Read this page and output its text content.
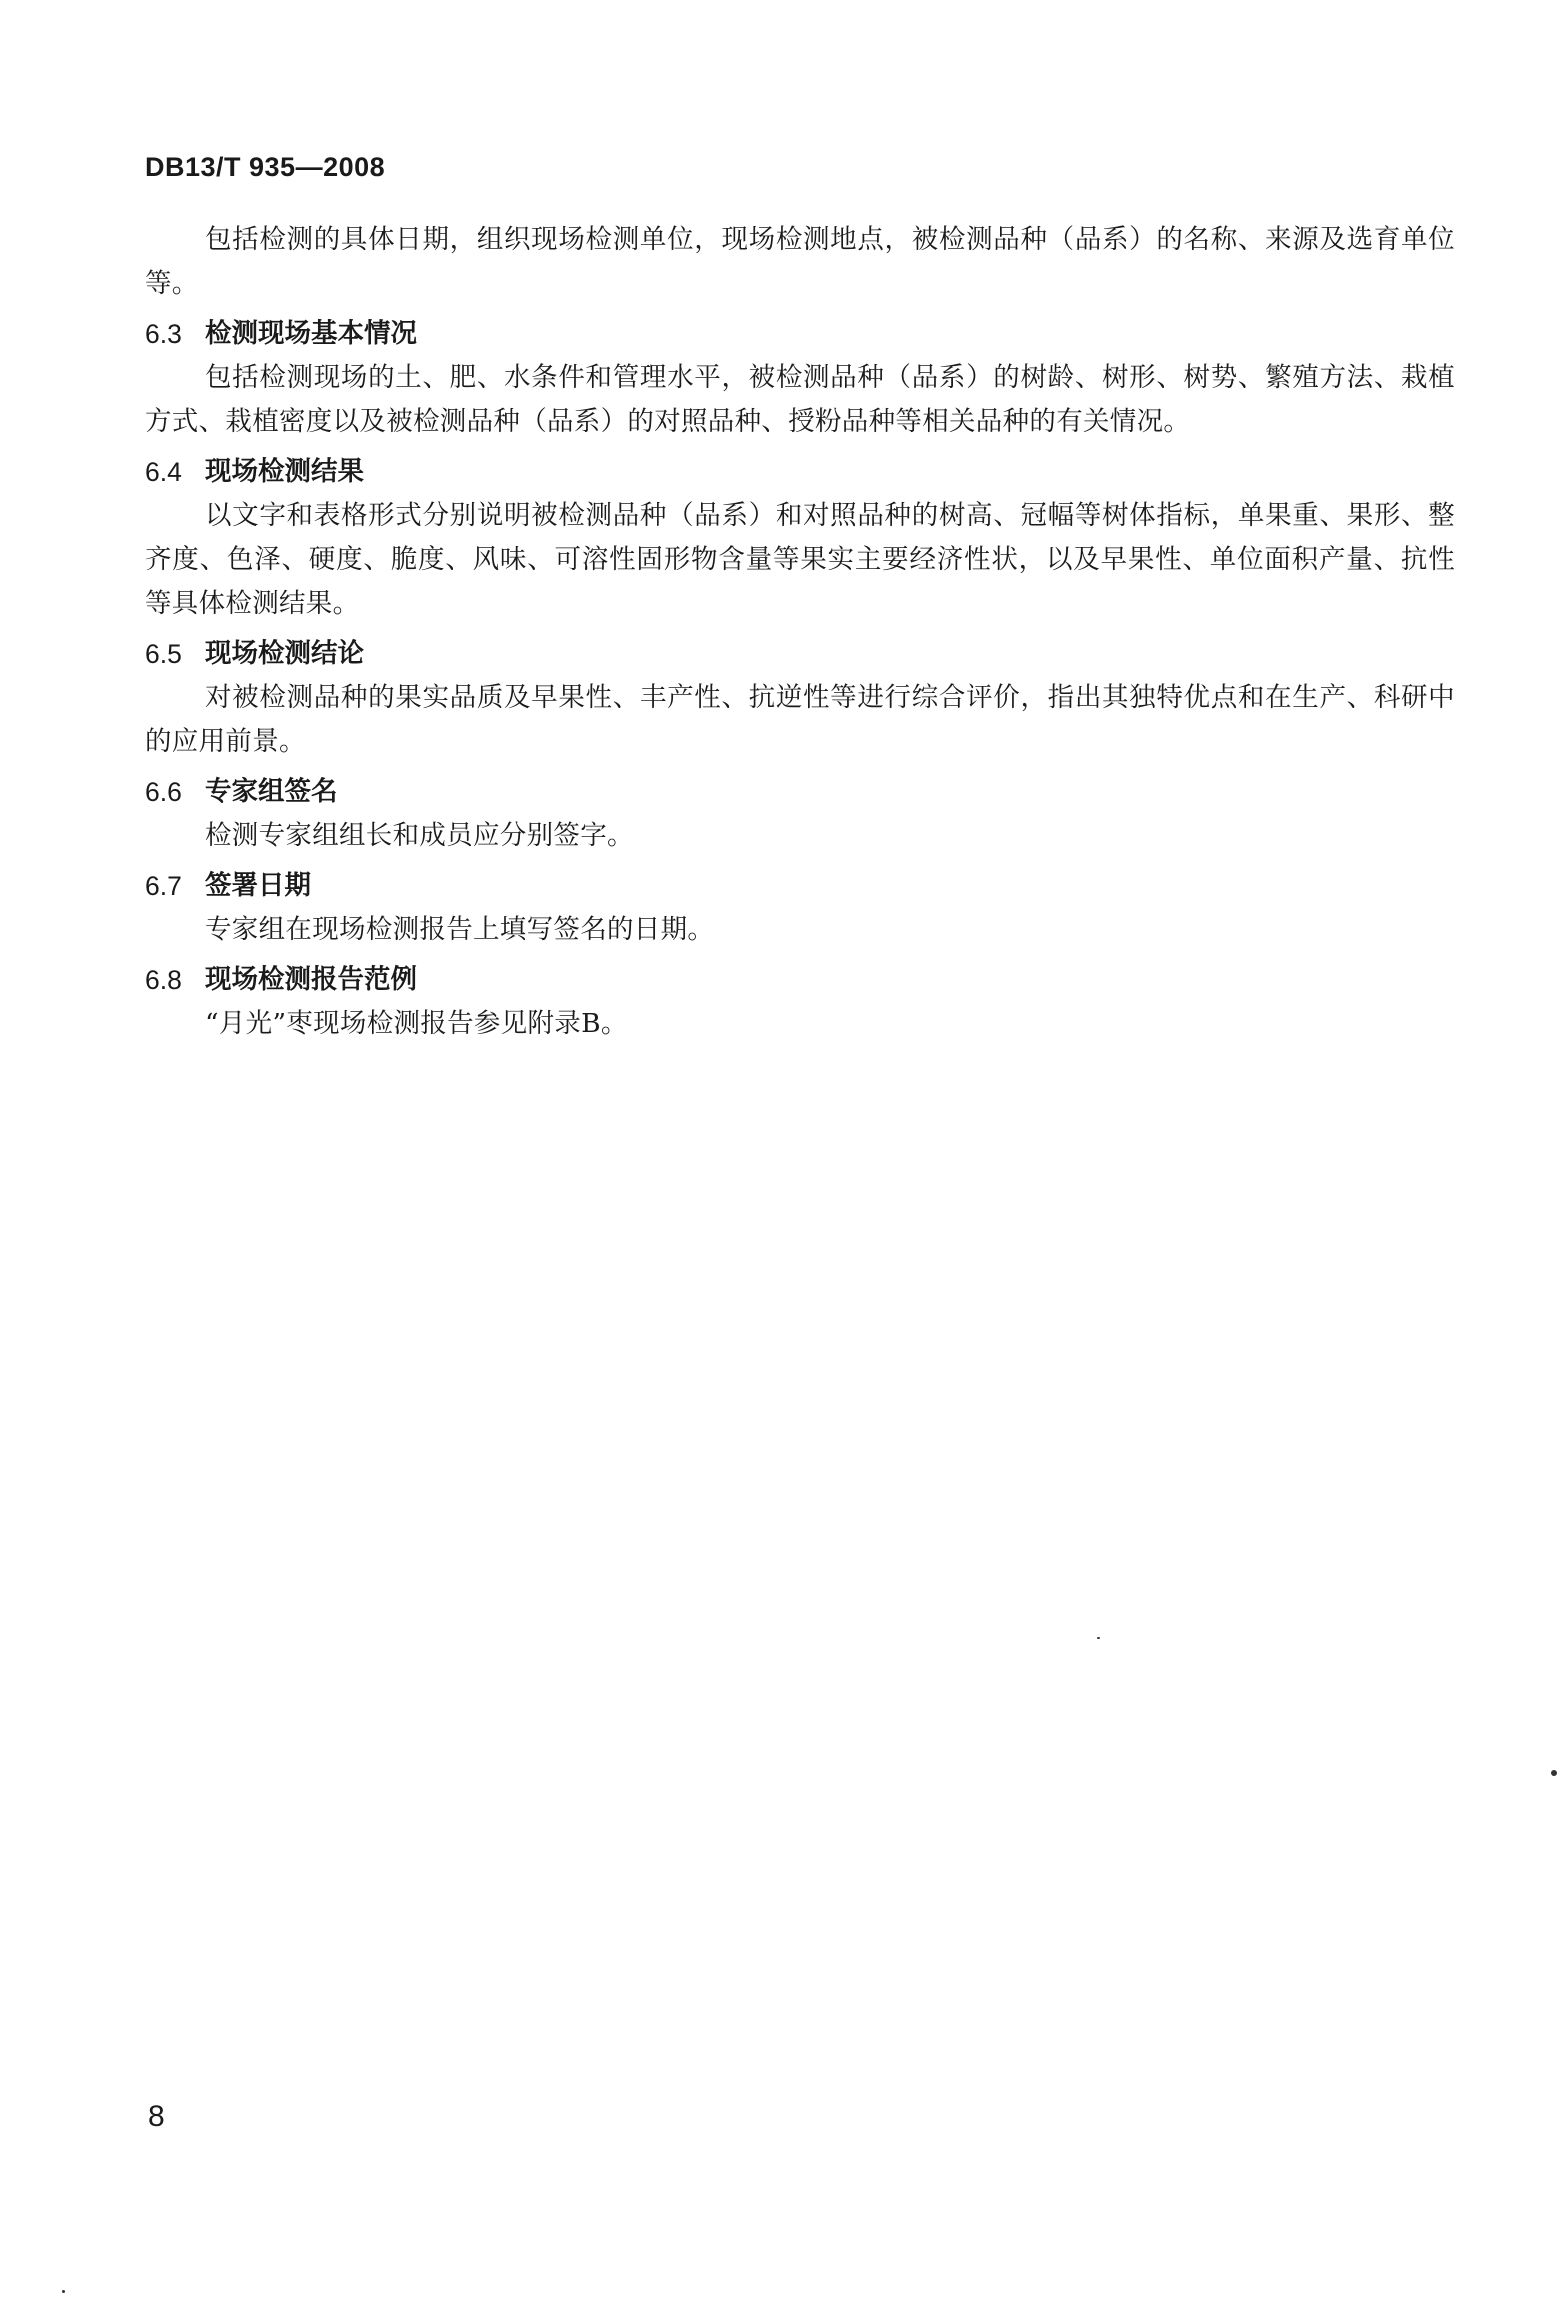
DB13/T 935—2008

包括检测的具体日期，组织现场检测单位，现场检测地点，被检测品种（品系）的名称、来源及选育单位等。

6.3 检测现场基本情况

包括检测现场的土、肥、水条件和管理水平，被检测品种（品系）的树龄、树形、树势、繁殖方法、栽植方式、栽植密度以及被检测品种（品系）的对照品种、授粉品种等相关品种的有关情况。

6.4 现场检测结果

以文字和表格形式分别说明被检测品种（品系）和对照品种的树高、冠幅等树体指标，单果重、果形、整齐度、色泽、硬度、脆度、风味、可溶性固形物含量等果实主要经济性状，以及早果性、单位面积产量、抗性等具体检测结果。

6.5 现场检测结论

对被检测品种的果实品质及早果性、丰产性、抗逆性等进行综合评价，指出其独特优点和在生产、科研中的应用前景。

6.6 专家组签名

检测专家组组长和成员应分别签字。

6.7 签署日期

专家组在现场检测报告上填写签名的日期。

6.8 现场检测报告范例

“月光”枣现场检测报告参见附录B。

8
